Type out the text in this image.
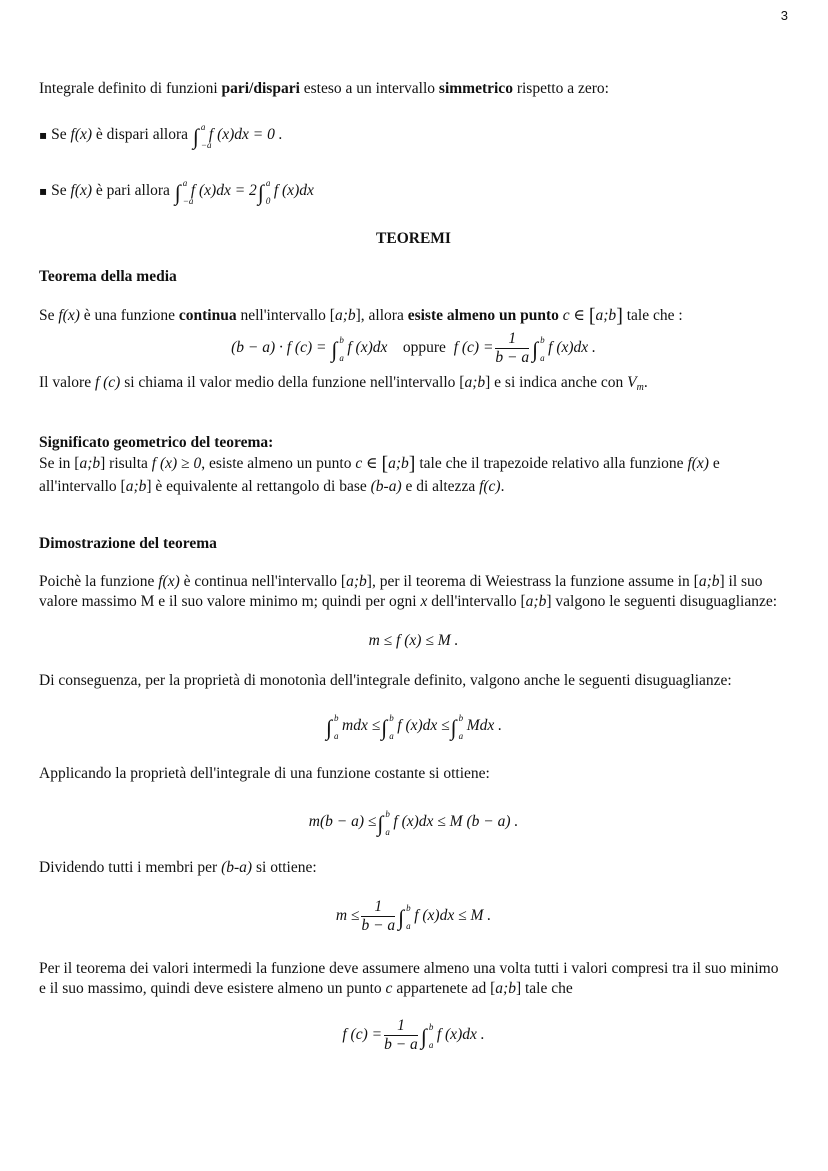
3
Integrale definito di funzioni pari/dispari esteso a un intervallo simmetrico rispetto a zero:
▪ Se f(x) è dispari allora ∫ a
−a
f (x)dx = 0 .
▪ Se f(x) è pari allora ∫ a
−a
f (x)dx = 2∫ a
0
f (x)dx
TEOREMI
Teorema della media
Se f(x) è una funzione continua nell'intervallo [a;b], allora esiste almeno un punto c ∈ [a;b] tale che :
(b − a) · f (c) = ∫ b
a
f (x)dx oppure f $(c) = \frac{1}{b - a}$ ∫ b
a
f (x)dx .
Il valore f (c) si chiama il valor medio della funzione nell'intervallo [a;b] e si indica anche con $V_m$.
Significato geometrico del teorema:
Se in [a;b] risulta f (x) ≥ 0, esiste almeno un punto c ∈ [a;b] tale che il trapezoide relativo alla funzione f(x) e
all'intervallo [a;b] è equivalente al rettangolo di base (b-a) e di altezza f(c).
Dimostrazione del teorema
Poichè la funzione f(x) è continua nell'intervallo [a;b], per il teorema di Weiestrass la funzione assume in [a;b] il suo valore massimo M e il suo valore minimo m; quindi per ogni x dell'intervallo [a;b] valgono le seguenti disuguaglianze:
m ≤ f (x) ≤ M .
Di conseguenza, per la proprietà di monotonìa dell'integrale definito, valgono anche le seguenti disuguaglianze:
∫ b
a
mdx ≤∫ b
a
f (x)dx ≤∫ b
a
Mdx .
Applicando la proprietà dell'integrale di una funzione costante si ottiene:
m(b − a) ≤∫ b
a
f (x)dx ≤ M (b − a) .
Dividendo tutti i membri per (b-a) si ottiene:
$m \le \frac{1}{b - a}$ ∫ b
a
f (x)dx ≤ M .
Per il teorema dei valori intermedi la funzione deve assumere almeno una volta tutti i valori compresi tra il suo minimo e il suo massimo, quindi deve esistere almeno un punto c appartenete ad [a;b] tale che
f $(c) = \frac{1}{b - a}$ ∫ b
a
f (x)dx .
